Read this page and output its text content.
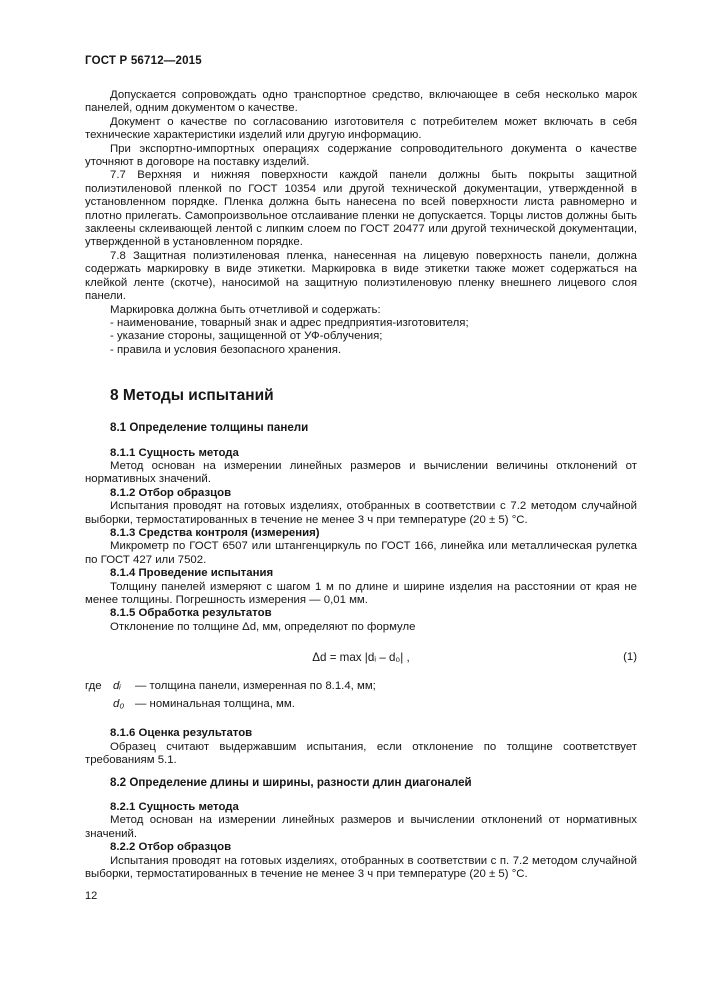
ГОСТ Р 56712—2015

Допускается сопровождать одно транспортное средство, включающее в себя несколько марок панелей, одним документом о качестве.

Документ о качестве по согласованию изготовителя с потребителем может включать в себя технические характеристики изделий или другую информацию.

При экспортно-импортных операциях содержание сопроводительного документа о качестве уточняют в договоре на поставку изделий.

7.7 Верхняя и нижняя поверхности каждой панели должны быть покрыты защитной полиэтиленовой пленкой по ГОСТ 10354 или другой технической документации, утвержденной в установленном порядке. Пленка должна быть нанесена по всей поверхности листа равномерно и плотно прилегать. Самопроизвольное отслаивание пленки не допускается. Торцы листов должны быть заклеены склеивающей лентой с липким слоем по ГОСТ 20477 или другой технической документации, утвержденной в установленном порядке.

7.8 Защитная полиэтиленовая пленка, нанесенная на лицевую поверхность панели, должна содержать маркировку в виде этикетки. Маркировка в виде этикетки также может содержаться на клейкой ленте (скотче), наносимой на защитную полиэтиленовую пленку внешнего лицевого слоя панели.

Маркировка должна быть отчетливой и содержать:

- наименование, товарный знак и адрес предприятия-изготовителя;

- указание стороны, защищенной от УФ-облучения;

- правила и условия безопасного хранения.

8 Методы испытаний

8.1 Определение толщины панели

8.1.1 Сущность метода

Метод основан на измерении линейных размеров и вычислении величины отклонений от нормативных значений.

8.1.2 Отбор образцов

Испытания проводят на готовых изделиях, отобранных в соответствии с 7.2 методом случайной выборки, термостатированных в течение не менее 3 ч при температуре (20 ± 5) °С.

8.1.3 Средства контроля (измерения)

Микрометр по ГОСТ 6507 или штангенциркуль по ГОСТ 166, линейка или металлическая рулетка по ГОСТ 427 или 7502.

8.1.4 Проведение испытания

Толщину панелей измеряют с шагом 1 м по длине и ширине изделия на расстоянии от края не менее толщины. Погрешность измерения — 0,01 мм.

8.1.5 Обработка результатов

Отклонение по толщине Δd, мм, определяют по формуле

Δd = max |dᵢ – d₀| ,	(1)
где dᵢ	— толщина панели, измеренная по 8.1.4, мм;
d₀ — номинальная толщина, мм.

8.1.6 Оценка результатов

Образец считают выдержавшим испытания, если отклонение по толщине соответствует требованиям 5.1.

8.2 Определение длины и ширины, разности длин диагоналей

8.2.1 Сущность метода

Метод основан на измерении линейных размеров и вычислении отклонений от нормативных значений.

8.2.2 Отбор образцов

Испытания проводят на готовых изделиях, отобранных в соответствии с п. 7.2 методом случайной выборки, термостатированных в течение не менее 3 ч при температуре (20 ± 5) °С.

12
